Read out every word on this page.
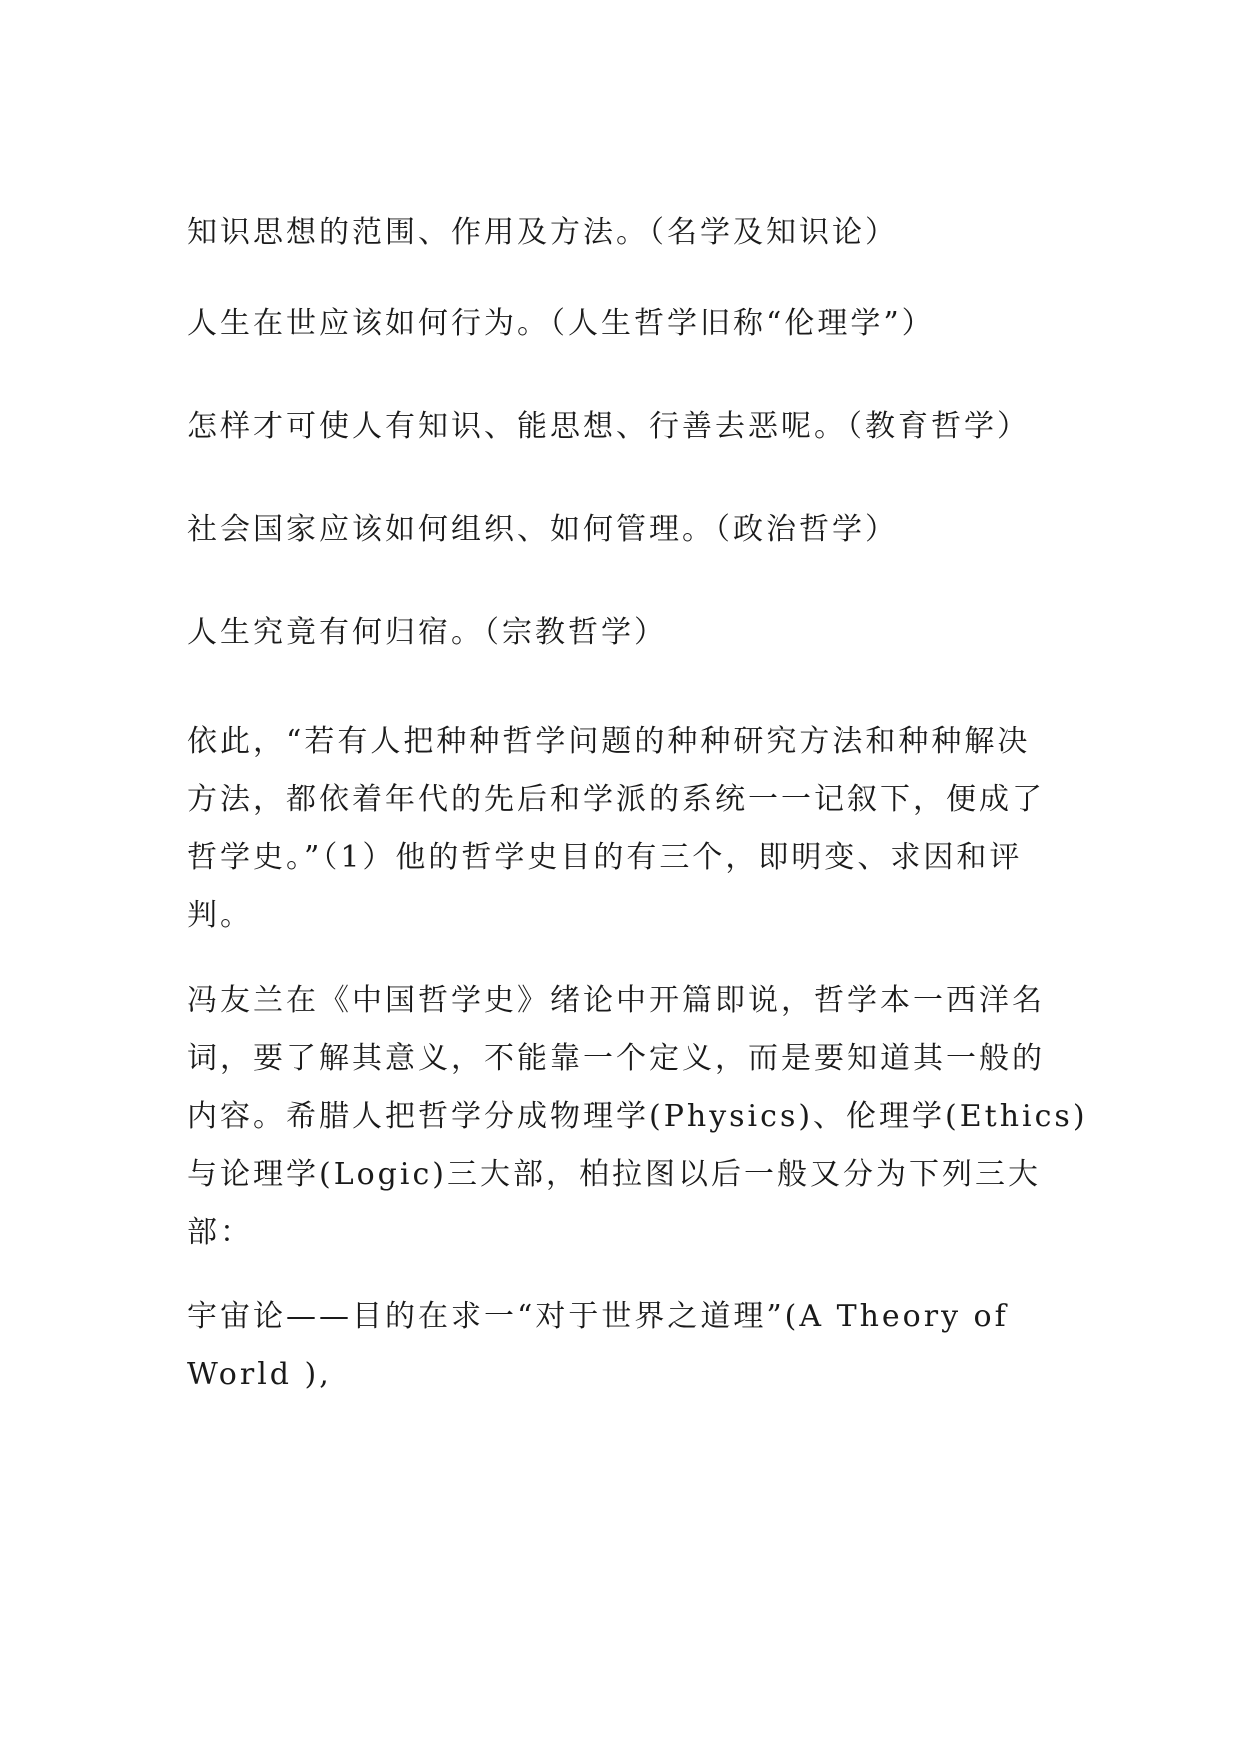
知识思想的范围、作用及方法。（名学及知识论）

人生在世应该如何行为。（人生哲学旧称“伦理学”）

怎样才可使人有知识、能思想、行善去恶呢。（教育哲学）

社会国家应该如何组织、如何管理。（政治哲学）

人生究竟有何归宿。（宗教哲学）

依此，“若有人把种种哲学问题的种种研究方法和种种解决
方法，都依着年代的先后和学派的系统一一记叙下，便成了
哲学史。”（1）他的哲学史目的有三个，即明变、求因和评
判。

冯友兰在《中国哲学史》绪论中开篇即说，哲学本一西洋名
词，要了解其意义，不能靠一个定义，而是要知道其一般的
内容。希腊人把哲学分成物理学(Physics)、伦理学(Ethics)
与论理学(Logic)三大部，柏拉图以后一般又分为下列三大
部：

宇宙论——目的在求一“对于世界之道理”(A Theory of
World ),
